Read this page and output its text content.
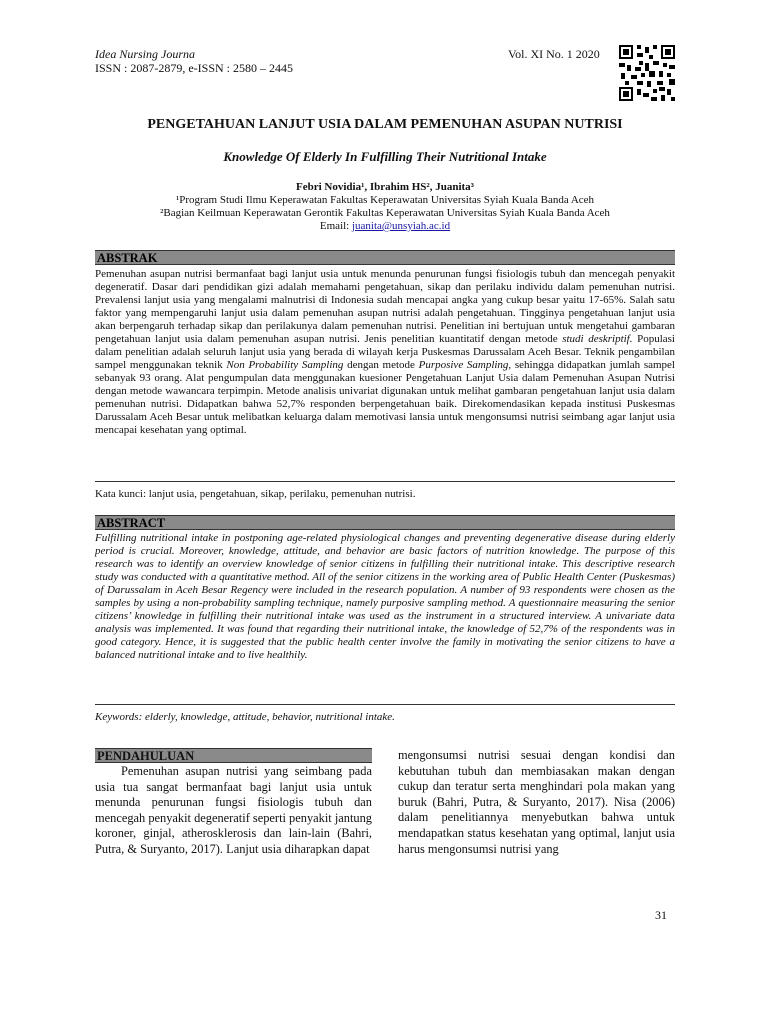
Idea Nursing Journa
ISSN : 2087-2879, e-ISSN : 2580 – 2445
Vol. XI No. 1 2020
PENGETAHUAN LANJUT USIA DALAM PEMENUHAN ASUPAN NUTRISI
Knowledge Of Elderly In Fulfilling Their Nutritional Intake
Febri Novidia¹, Ibrahim HS², Juanita³
¹Program Studi Ilmu Keperawatan Fakultas Keperawatan Universitas Syiah Kuala Banda Aceh
²Bagian Keilmuan Keperawatan Gerontik Fakultas Keperawatan Universitas Syiah Kuala Banda Aceh
Email: juanita@unsyiah.ac.id
ABSTRAK
Pemenuhan asupan nutrisi bermanfaat bagi lanjut usia untuk menunda penurunan fungsi fisiologis tubuh dan mencegah penyakit degeneratif. Dasar dari pendidikan gizi adalah memahami pengetahuan, sikap dan perilaku individu dalam pemenuhan nutrisi. Prevalensi lanjut usia yang mengalami malnutrisi di Indonesia sudah mencapai angka yang cukup besar yaitu 17-65%. Salah satu faktor yang mempengaruhi lanjut usia dalam pemenuhan asupan nutrisi adalah pengetahuan. Tingginya pengetahuan lanjut usia akan berpengaruh terhadap sikap dan perilakunya dalam pemenuhan nutrisi. Penelitian ini bertujuan untuk mengetahui gambaran pengetahuan lanjut usia dalam pemenuhan asupan nutrisi. Jenis penelitian kuantitatif dengan metode studi deskriptif. Populasi dalam penelitian adalah seluruh lanjut usia yang berada di wilayah kerja Puskesmas Darussalam Aceh Besar. Teknik pengambilan sampel menggunakan teknik Non Probability Sampling dengan metode Purposive Sampling, sehingga didapatkan jumlah sampel sebanyak 93 orang. Alat pengumpulan data menggunakan kuesioner Pengetahuan Lanjut Usia dalam Pemenuhan Asupan Nutrisi dengan metode wawancara terpimpin. Metode analisis univariat digunakan untuk melihat gambaran pengetahuan lanjut usia dalam pemenuhan nutrisi. Didapatkan bahwa 52,7% responden berpengetahuan baik. Direkomendasikan kepada institusi Puskesmas Darussalam Aceh Besar untuk melibatkan keluarga dalam memotivasi lansia untuk mengonsumsi nutrisi seimbang agar lanjut usia mencapai kesehatan yang optimal.
Kata kunci: lanjut usia, pengetahuan, sikap, perilaku, pemenuhan nutrisi.
ABSTRACT
Fulfilling nutritional intake in postponing age-related physiological changes and preventing degenerative disease during elderly period is crucial. Moreover, knowledge, attitude, and behavior are basic factors of nutrition knowledge. The purpose of this research was to identify an overview knowledge of senior citizens in fulfilling their nutritional intake. This descriptive research study was conducted with a quantitative method. All of the senior citizens in the working area of Public Health Center (Puskesmas) of Darussalam in Aceh Besar Regency were included in the research population. A number of 93 respondents were chosen as the samples by using a non-probability sampling technique, namely purposive sampling method. A questionnaire measuring the senior citizens’ knowledge in fulfilling their nutritional intake was used as the instrument in a structured interview. A univariate data analysis was implemented. It was found that regarding their nutritional intake, the knowledge of 52,7% of the respondents was in good category. Hence, it is suggested that the public health center involve the family in motivating the senior citizens to have a balanced nutritional intake and to live healthily.
Keywords: elderly, knowledge, attitude, behavior, nutritional intake.
PENDAHULUAN
Pemenuhan asupan nutrisi yang seimbang pada usia tua sangat bermanfaat bagi lanjut usia untuk menunda penurunan fungsi fisiologis tubuh dan mencegah penyakit degeneratif seperti penyakit jantung koroner, ginjal, atherosklerosis dan lain-lain (Bahri, Putra, & Suryanto, 2017). Lanjut usia diharapkan dapat
mengonsumsi nutrisi sesuai dengan kondisi dan kebutuhan tubuh dan membiasakan makan dengan cukup dan teratur serta menghindari pola makan yang buruk (Bahri, Putra, & Suryanto, 2017). Nisa (2006) dalam penelitiannya menyebutkan bahwa untuk mendapatkan status kesehatan yang optimal, lanjut usia harus mengonsumsi nutrisi yang
31
